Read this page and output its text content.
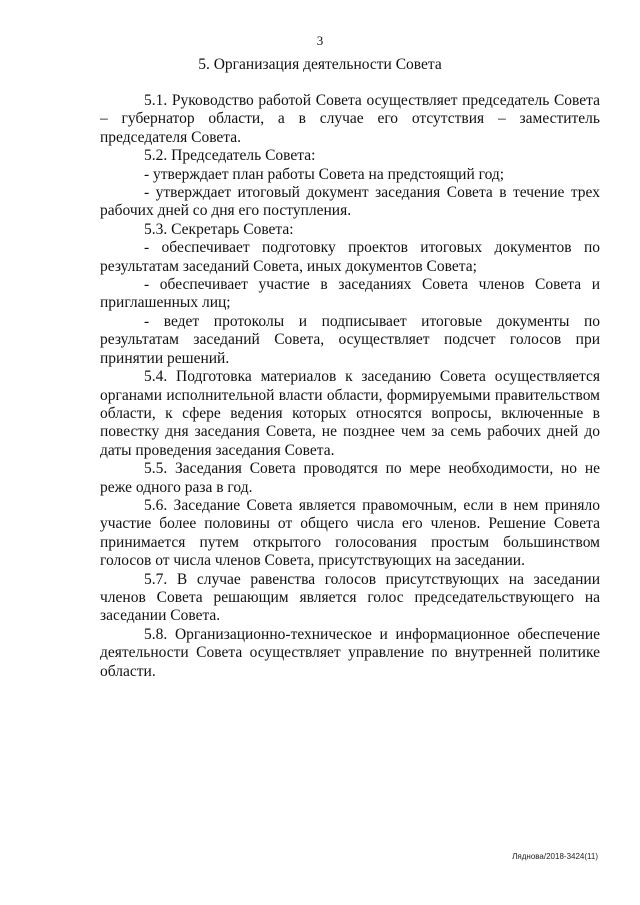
3
5. Организация деятельности Совета

5.1. Руководство работой Совета осуществляет председатель Совета – губернатор области, а в случае его отсутствия – заместитель председателя Совета.

5.2. Председатель Совета:

- утверждает план работы Совета на предстоящий год;

- утверждает итоговый документ заседания Совета в течение трех рабочих дней со дня его поступления.

5.3. Секретарь Совета:

- обеспечивает подготовку проектов итоговых документов по результатам заседаний Совета, иных документов Совета;

- обеспечивает участие в заседаниях Совета членов Совета и приглашенных лиц;

- ведет протоколы и подписывает итоговые документы по результатам заседаний Совета, осуществляет подсчет голосов при принятии решений.

5.4. Подготовка материалов к заседанию Совета осуществляется органами исполнительной власти области, формируемыми правительством области, к сфере ведения которых относятся вопросы, включенные в повестку дня заседания Совета, не позднее чем за семь рабочих дней до даты проведения заседания Совета.

5.5. Заседания Совета проводятся по мере необходимости, но не реже одного раза в год.

5.6. Заседание Совета является правомочным, если в нем приняло участие более половины от общего числа его членов. Решение Совета принимается путем открытого голосования простым большинством голосов от числа членов Совета, присутствующих на заседании.

5.7. В случае равенства голосов присутствующих на заседании членов Совета решающим является голос председательствующего на заседании Совета.

5.8. Организационно-техническое и информационное обеспечение деятельности Совета осуществляет управление по внутренней политике области.

Ляднова/2018-3424(11)
